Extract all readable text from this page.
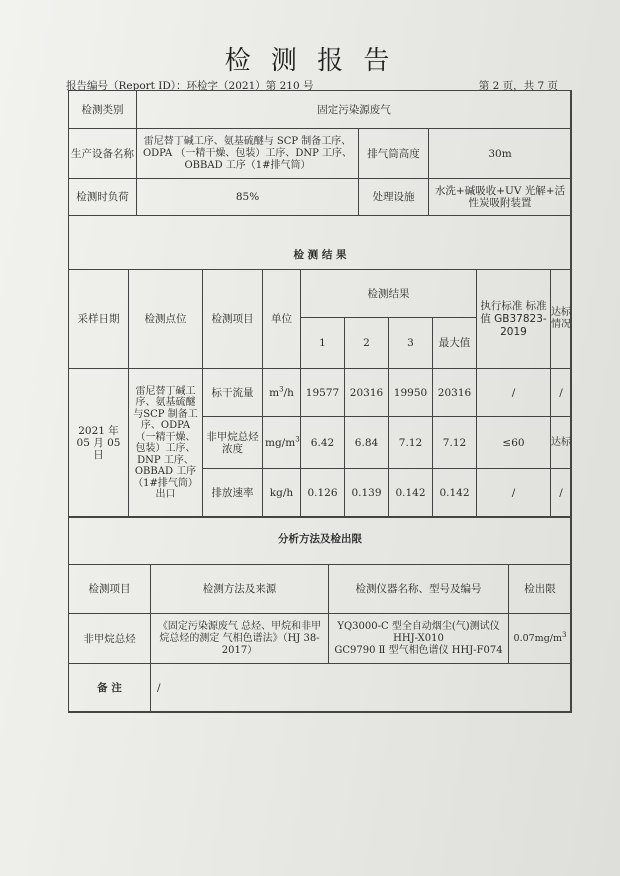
检 测 报 告
报告编号（Report ID）：环检字（2021）第 210 号	第 2 页，共 7 页
检测类别	固定污染源废气		
生产设备名称	雷尼替丁碱工序、氨基硫醚与 SCP 制备工序、ODPA （一精干燥、包装）工序、DNP 工序、OBBAD 工序（1#排气筒）	排气筒高度	30m
检测时负荷	85%	处理设施	水洗+碱吸收+UV 光解+活性炭吸附装置
检 测 结 果			
采样日期	检测点位	检测项目	单位	检测结果				执行标准 标准值 GB37823-2019	达标情况
				1	2	3	最大值		
2021 年 05 月 05 日	雷尼替丁碱工序、氨基硫醚与SCP 制备工序、ODPA （一精干燥、包装）工序、DNP 工序、OBBAD 工序（1#排气筒）出口	标干流量	$m^3/h$	19577	20316	19950	20316	/	/
		非甲烷总烃浓度	$mg/m^3$	6.42	6.84	7.12	7.12	≤60	达标
		排放速率	kg/h	0.126	0.139	0.142	0.142	/	/
分析方法及检出限			
检测项目	检测方法及来源	检测仪器名称、型号及编号	检出限
非甲烷总烃	《固定污染源废气 总烃、甲烷和非甲烷总烃的测定 气相色谱法》（HJ 38-2017）	YQ3000-C 型全自动烟尘(气)测试仪 HHJ-X010
GC9790 Ⅱ 型气相色谱仪 HHJ-F074	$0.07mg/m^3$
备 注	/
